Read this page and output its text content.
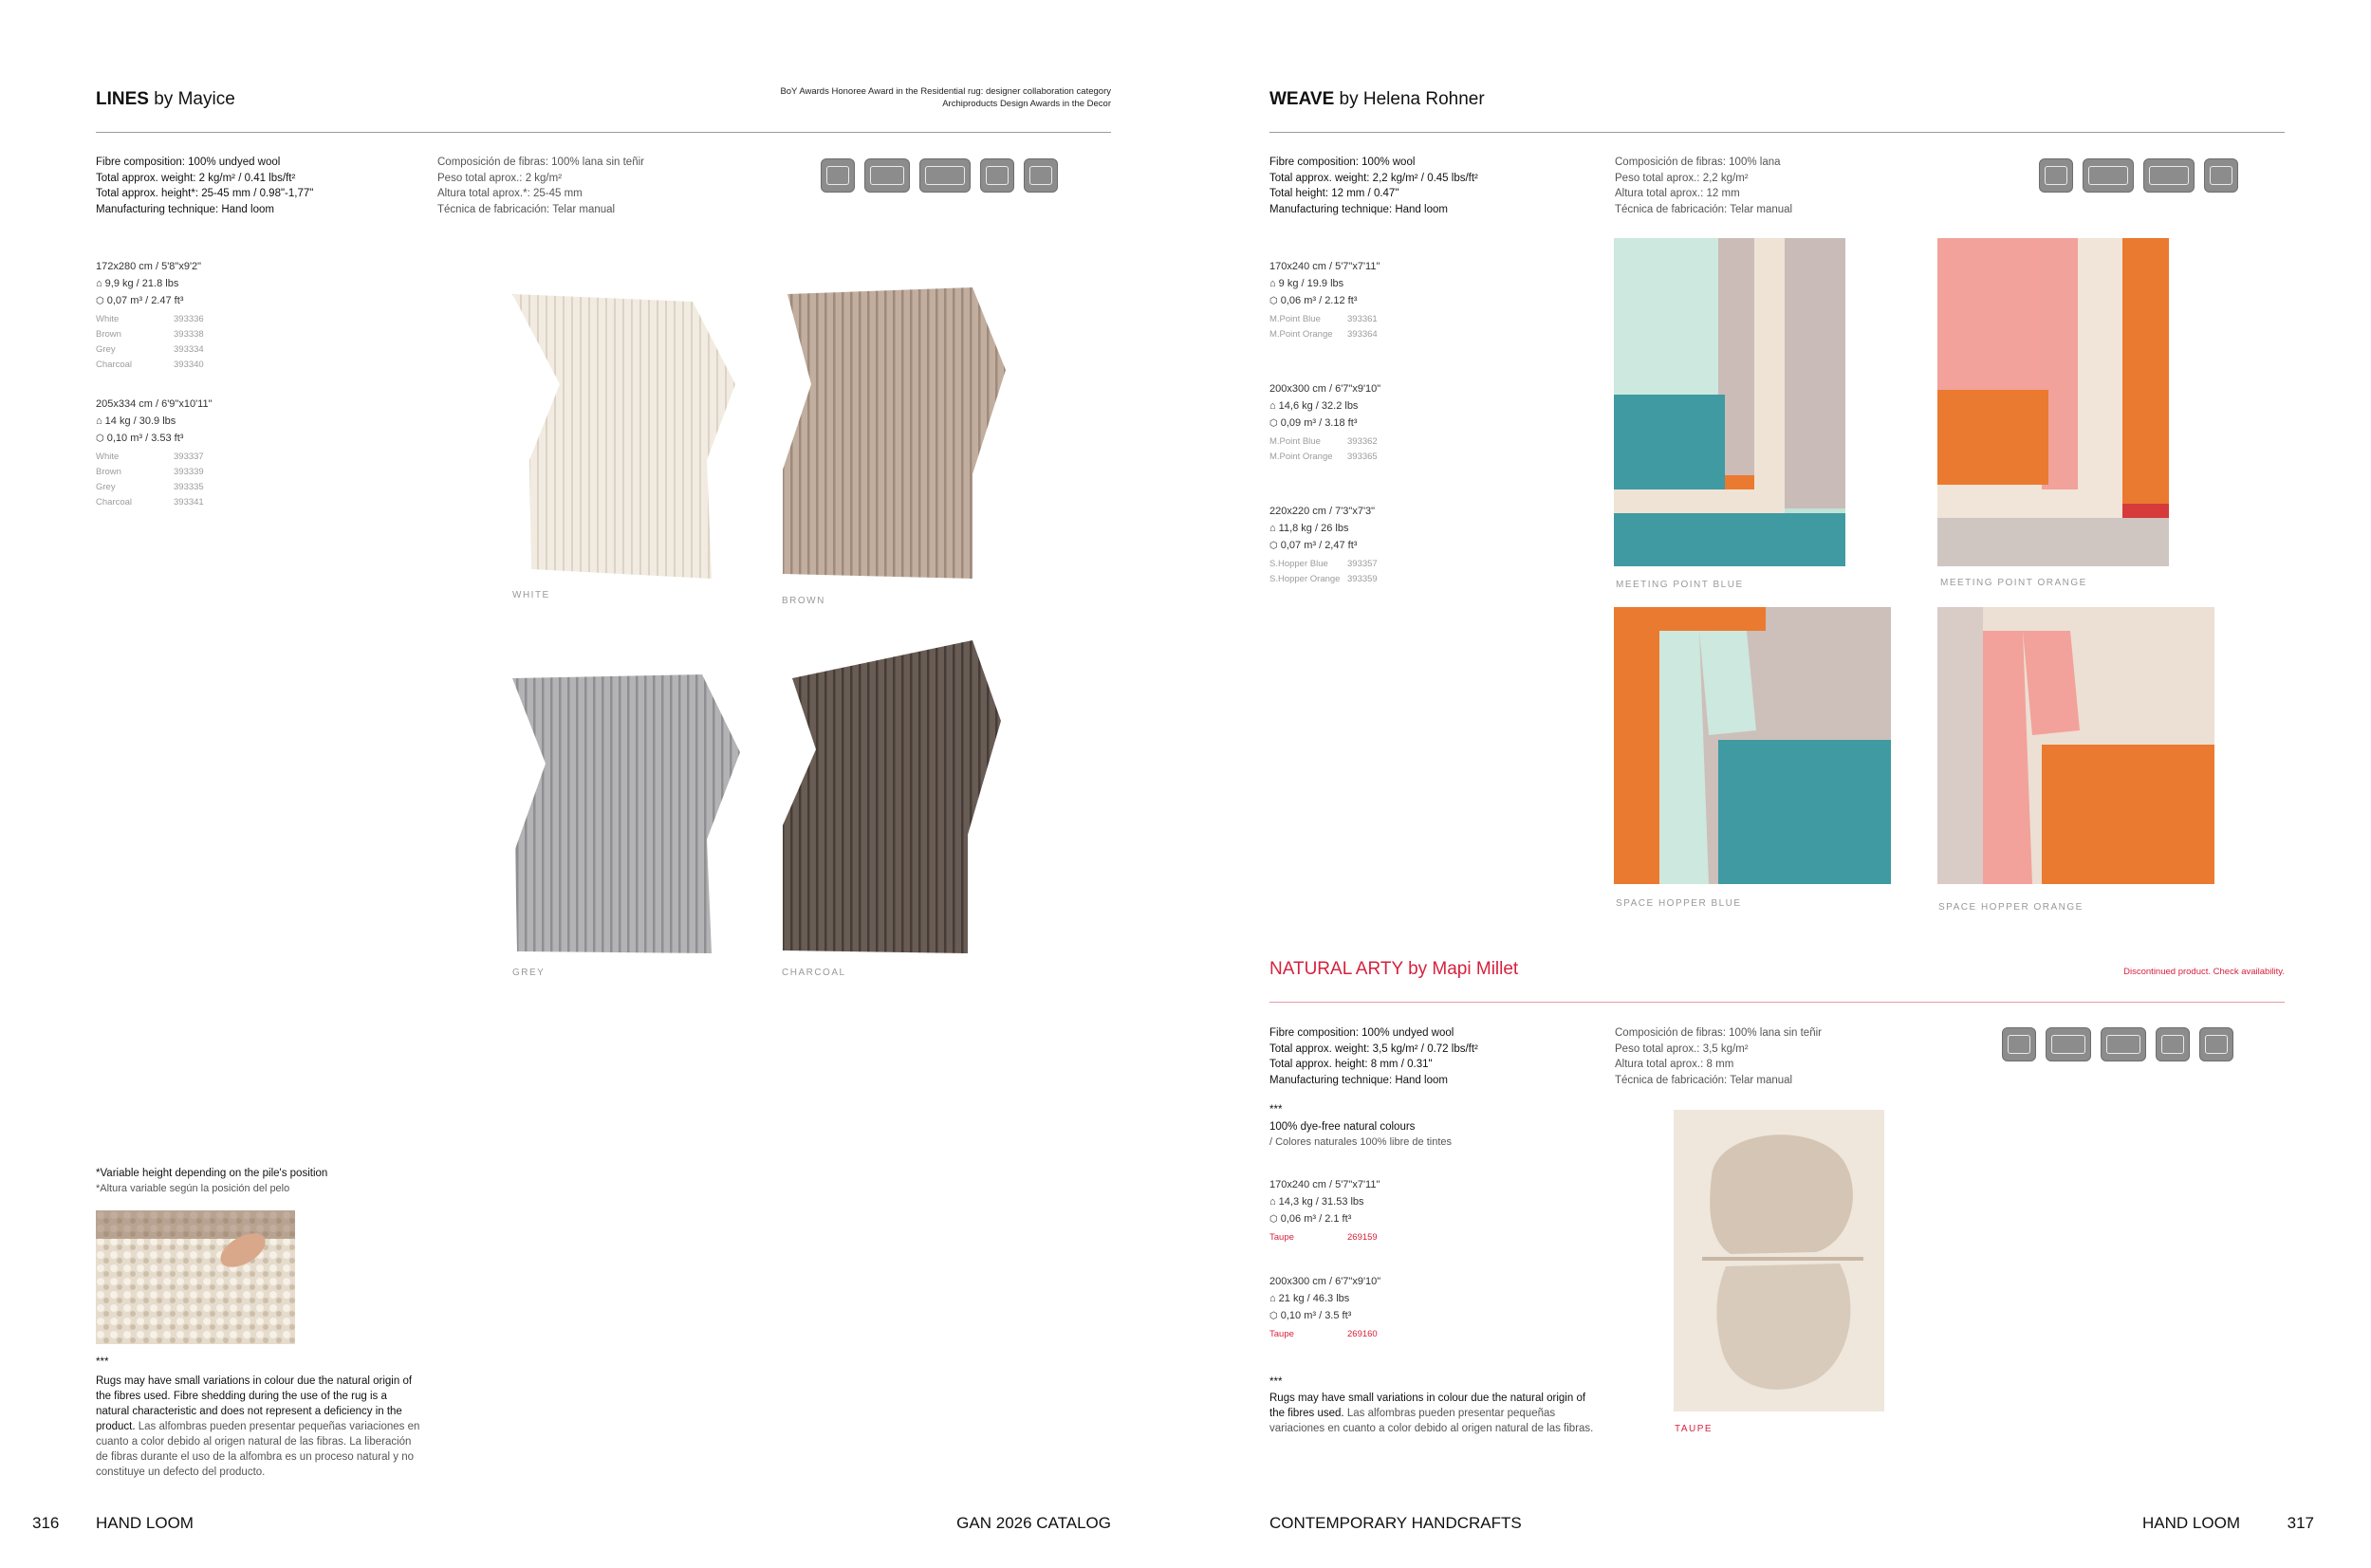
LINES by Mayice	BoY Awards Honoree Award in the Residential rug: designer collaboration category
Archiproducts Design Awards in the Decor
Fibre composition: 100% undyed wool
Total approx. weight: 2 kg/m² / 0.41 lbs/ft²
Total approx. height*: 25-45 mm / 0.98"-1,77"
Manufacturing technique: Hand loom
Composición de fibras: 100% lana sin teñir
Peso total aprox.: 2 kg/m²
Altura total aprox.*: 25-45 mm
Técnica de fabricación: Telar manual
172x280 cm / 5'8"x9'2"
⌂ 9,9 kg / 21.8 lbs
⬡ 0,07 m³ / 2.47 ft³
White	393336
Brown	393338
Grey	393334
Charcoal	393340
205x334 cm / 6'9"x10'11"
⌂ 14 kg / 30.9 lbs
⬡ 0,10 m³ / 3.53 ft³
White	393337
Brown	393339
Grey	393335
Charcoal	393341
WHITE
BROWN
GREY	CHARCOAL
*Variable height depending on the pile's position
*Altura variable según la posición del pelo
***
Rugs may have small variations in colour due the natural origin of the fibres used. Fibre shedding during the use of the rug is a natural characteristic and does not represent a deficiency in the product. Las alfombras pueden presentar pequeñas variaciones en cuanto a color debido al origen natural de las fibras. La liberación de fibras durante el uso de la alfombra es un proceso natural y no constituye un defecto del producto.
316 HAND LOOM	GAN 2026 CATALOG
WEAVE by Helena Rohner
Fibre composition: 100% wool
Total approx. weight: 2,2 kg/m² / 0.45 lbs/ft²
Total height: 12 mm / 0.47"
Manufacturing technique: Hand loom
Composición de fibras: 100% lana
Peso total aprox.: 2,2 kg/m²
Altura total aprox.: 12 mm
Técnica de fabricación: Telar manual
170x240 cm / 5'7"x7'11"
⌂ 9 kg / 19.9 lbs
⬡ 0,06 m³ / 2.12 ft³
M.Point Blue	393361
M.Point Orange 393364
200x300 cm / 6'7"x9'10"
⌂ 14,6 kg / 32.2 lbs
⬡ 0,09 m³ / 3.18 ft³
M.Point Blue	393362
M.Point Orange 393365
220x220 cm / 7'3"x7'3"
⌂ 11,8 kg / 26 lbs
⬡ 0,07 m³ / 2,47 ft³
S.Hopper Blue 393357
S.Hopper Orange 393359
MEETING POINT BLUE	MEETING POINT ORANGE
SPACE HOPPER BLUE	SPACE HOPPER ORANGE
NATURAL ARTY by Mapi Millet	Discontinued product. Check availability.
Fibre composition: 100% undyed wool
Total approx. weight: 3,5 kg/m² / 0.72 lbs/ft²
Total approx. height: 8 mm / 0.31"
Manufacturing technique: Hand loom
Composición de fibras: 100% lana sin teñir
Peso total aprox.: 3,5 kg/m²
Altura total aprox.: 8 mm
Técnica de fabricación: Telar manual
***
100% dye-free natural colours
/ Colores naturales 100% libre de tintes
170x240 cm / 5'7"x7'11"
⌂ 14,3 kg / 31.53 lbs
⬡ 0,06 m³ / 2.1 ft³
Taupe	269159
200x300 cm / 6'7"x9'10"
⌂ 21 kg / 46.3 lbs
⬡ 0,10 m³ / 3.5 ft³
Taupe	269160
***
Rugs may have small variations in colour due the natural origin of the fibres used. Las alfombras pueden presentar pequeñas variaciones en cuanto a color debido al origen natural de las fibras.	TAUPE
CONTEMPORARY HANDCRAFTS	HAND LOOM	317
